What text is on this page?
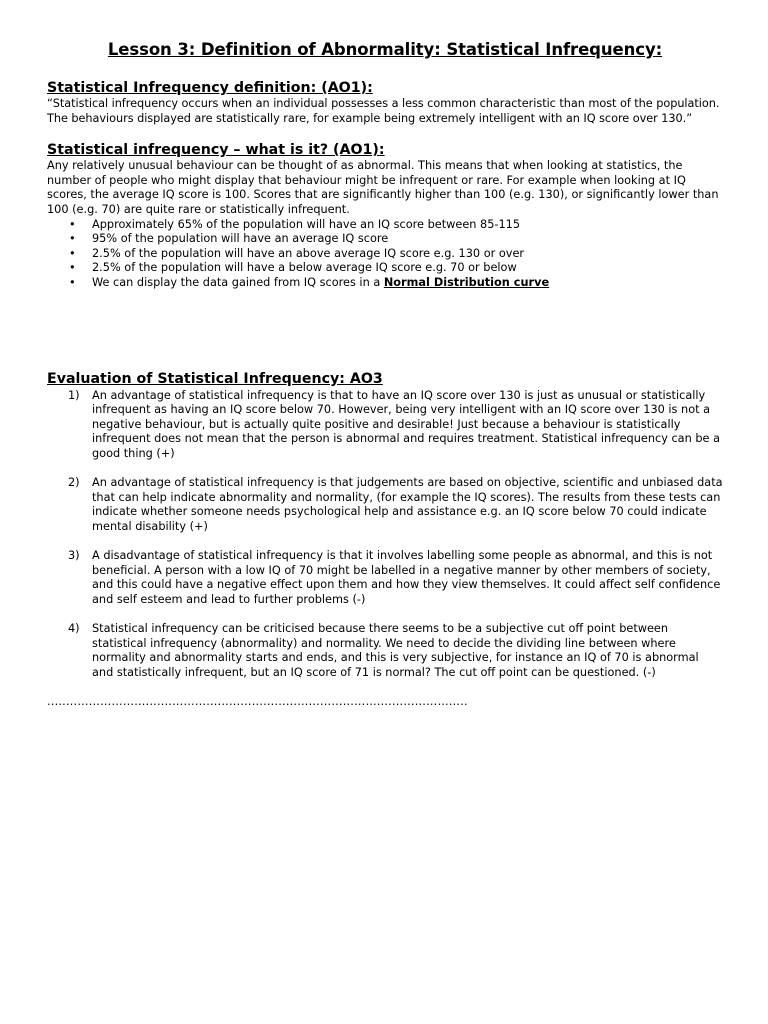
Lesson 3: Definition of Abnormality: Statistical Infrequency:
Statistical Infrequency definition: (AO1):

“Statistical infrequency occurs when an individual possesses a less common characteristic than most of the population. The behaviours displayed are statistically rare, for example being extremely intelligent with an IQ score over 130.”

Statistical infrequency – what is it? (AO1):

Any relatively unusual behaviour can be thought of as abnormal. This means that when looking at statistics, the number of people who might display that behaviour might be infrequent or rare. For example when looking at IQ scores, the average IQ score is 100. Scores that are significantly higher than 100 (e.g. 130), or significantly lower than 100 (e.g. 70) are quite rare or statistically infrequent.

• Approximately 65% of the population will have an IQ score between 85-115
• 95% of the population will have an average IQ score
• 2.5% of the population will have an above average IQ score e.g. 130 or over
• 2.5% of the population will have a below average IQ score e.g. 70 or below
• We can display the data gained from IQ scores in a Normal Distribution curve
Evaluation of Statistical Infrequency: AO3
1) An advantage of statistical infrequency is that to have an IQ score over 130 is just as unusual or statistically infrequent as having an IQ score below 70. However, being very intelligent with an IQ score over 130 is not a negative behaviour, but is actually quite positive and desirable! Just because a behaviour is statistically infrequent does not mean that the person is abnormal and requires treatment. Statistical infrequency can be a good thing (+)
2) An advantage of statistical infrequency is that judgements are based on objective, scientific and unbiased data that can help indicate abnormality and normality, (for example the IQ scores). The results from these tests can indicate whether someone needs psychological help and assistance e.g. an IQ score below 70 could indicate mental disability (+)
3) A disadvantage of statistical infrequency is that it involves labelling some people as abnormal, and this is not beneficial. A person with a low IQ of 70 might be labelled in a negative manner by other members of society, and this could have a negative effect upon them and how they view themselves. It could affect self confidence and self esteem and lead to further problems (-)
4) Statistical infrequency can be criticised because there seems to be a subjective cut off point between statistical infrequency (abnormality) and normality. We need to decide the dividing line between where normality and abnormality starts and ends, and this is very subjective, for instance an IQ of 70 is abnormal and statistically infrequent, but an IQ score of 71 is normal? The cut off point can be questioned. (-)
...............................................................................................................
